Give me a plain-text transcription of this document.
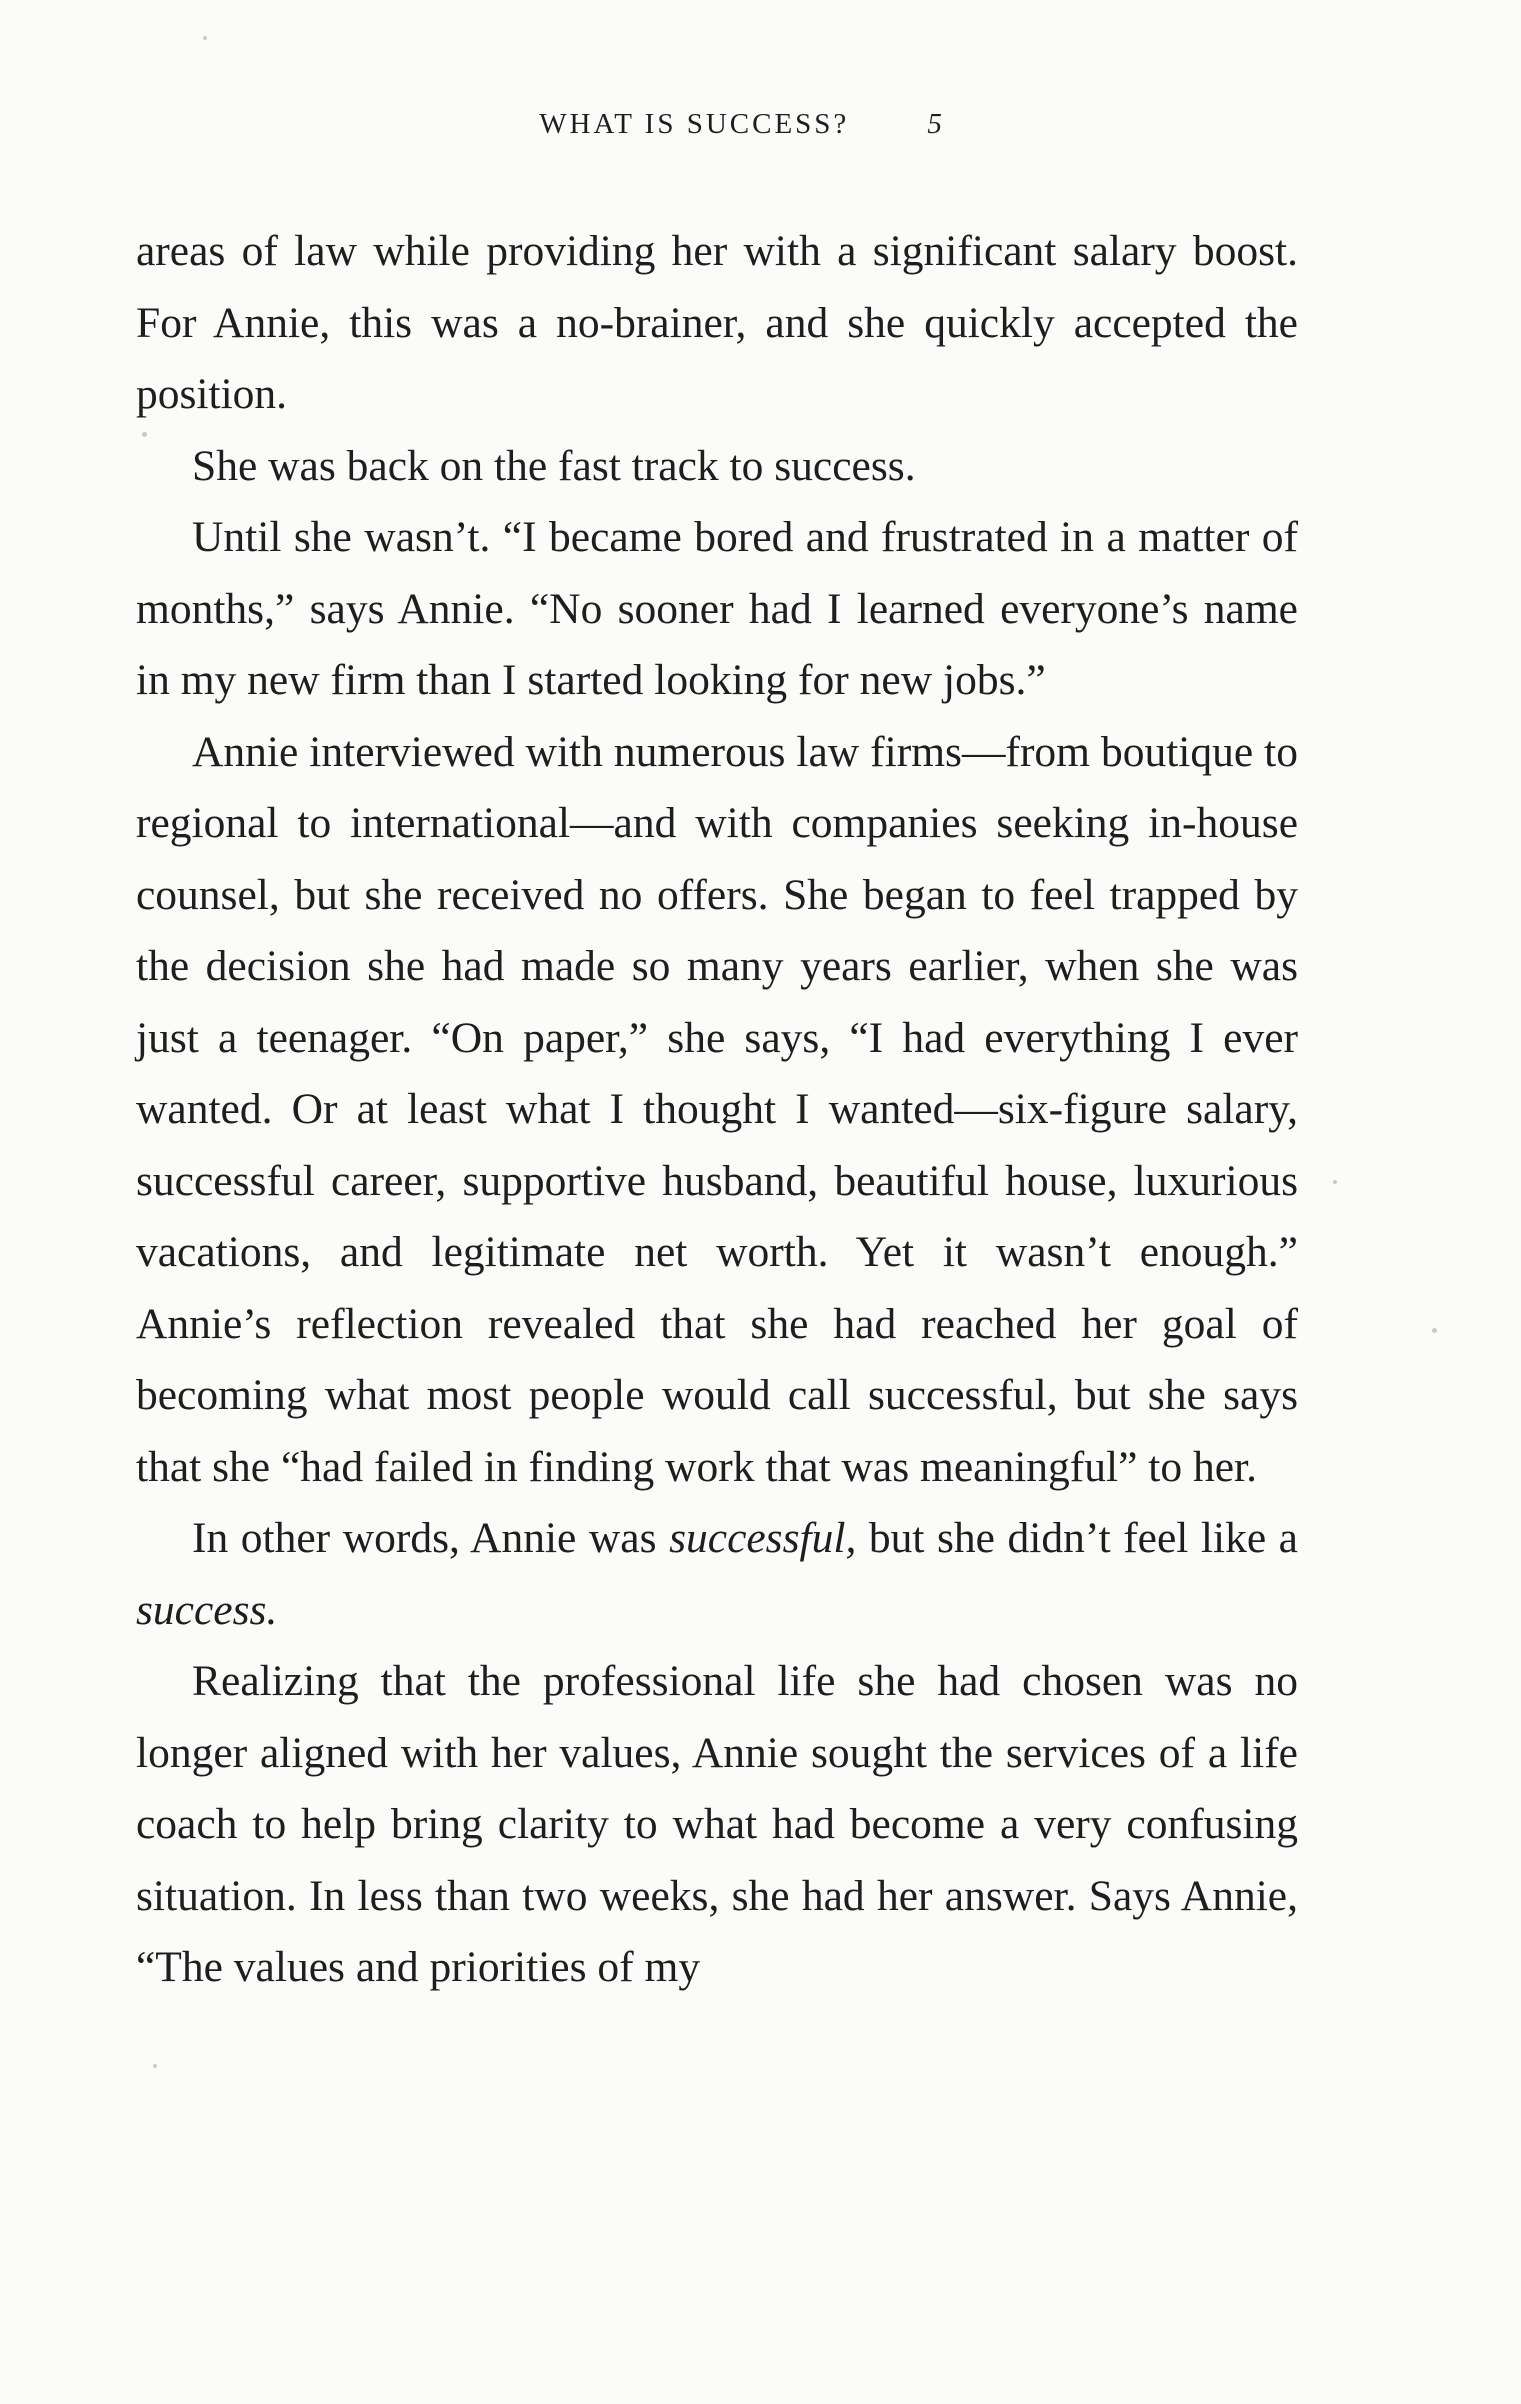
WHAT IS SUCCESS?	5

areas of law while providing her with a significant salary boost. For Annie, this was a no-brainer, and she quickly accepted the position.

She was back on the fast track to success.

Until she wasn’t. “I became bored and frustrated in a matter of months,” says Annie. “No sooner had I learned everyone’s name in my new firm than I started looking for new jobs.”

Annie interviewed with numerous law firms—from boutique to regional to international—and with companies seeking in-house counsel, but she received no offers. She began to feel trapped by the decision she had made so many years earlier, when she was just a teenager. “On paper,” she says, “I had everything I ever wanted. Or at least what I thought I wanted—six-figure salary, successful career, supportive husband, beautiful house, luxurious vacations, and legitimate net worth. Yet it wasn’t enough.” Annie’s reflection revealed that she had reached her goal of becoming what most people would call successful, but she says that she “had failed in finding work that was meaningful” to her.

In other words, Annie was successful, but she didn’t feel like a success.

Realizing that the professional life she had chosen was no longer aligned with her values, Annie sought the services of a life coach to help bring clarity to what had become a very confusing situation. In less than two weeks, she had her answer. Says Annie, “The values and priorities of my
